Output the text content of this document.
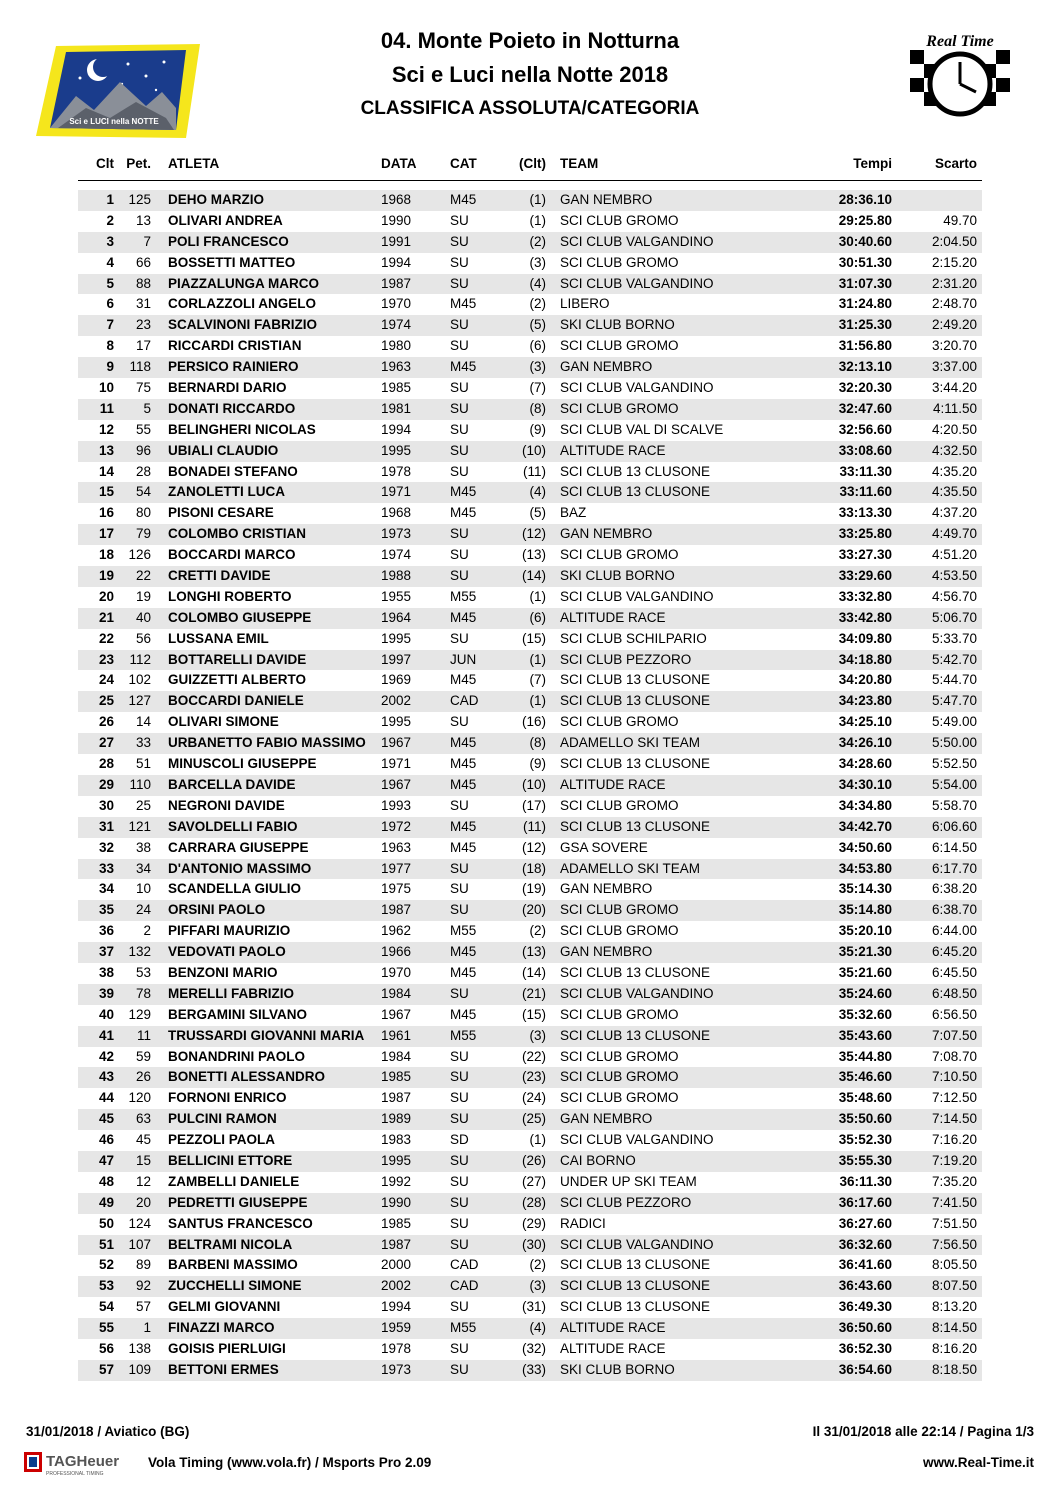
Sci e LUCI nella NOTTE
04. Monte Poieto in Notturna
Sci e Luci nella Notte 2018
CLASSIFICA ASSOLUTA/CATEGORIA
Real Time
Clt Pet. ATLETA	DATA CAT	(Clt) TEAM	Tempi	Scarto
1	125 DEHO MARZIO	1968	M45	(1) GAN NEMBRO	28:36.10
2	13 OLIVARI ANDREA	1990	SU	(1) SCI CLUB GROMO	29:25.80	49.70
3	7 POLI FRANCESCO	1991	SU	(2) SCI CLUB VALGANDINO	30:40.60	2:04.50
4	66 BOSSETTI MATTEO	1994	SU	(3) SCI CLUB GROMO	30:51.30	2:15.20
5	88 PIAZZALUNGA MARCO	1987	SU	(4) SCI CLUB VALGANDINO	31:07.30	2:31.20
6	31 CORLAZZOLI ANGELO	1970	M45	(2) LIBERO	31:24.80	2:48.70
7	23 SCALVINONI FABRIZIO	1974	SU	(5) SKI CLUB BORNO	31:25.30	2:49.20
8	17 RICCARDI CRISTIAN	1980	SU	(6) SCI CLUB GROMO	31:56.80	3:20.70
9	118 PERSICO RAINIERO	1963	M45	(3) GAN NEMBRO	32:13.10	3:37.00
10	75 BERNARDI DARIO	1985	SU	(7) SCI CLUB VALGANDINO	32:20.30	3:44.20
11	5 DONATI RICCARDO	1981	SU	(8) SCI CLUB GROMO	32:47.60	4:11.50
12	55 BELINGHERI NICOLAS	1994	SU	(9) SCI CLUB VAL DI SCALVE	32:56.60	4:20.50
13	96 UBIALI CLAUDIO	1995	SU	(10) ALTITUDE RACE	33:08.60	4:32.50
14	28 BONADEI STEFANO	1978	SU	(11) SCI CLUB 13 CLUSONE	33:11.30	4:35.20
15	54 ZANOLETTI LUCA	1971	M45	(4) SCI CLUB 13 CLUSONE	33:11.60	4:35.50
16	80 PISONI CESARE	1968	M45	(5) BAZ	33:13.30	4:37.20
17	79 COLOMBO CRISTIAN	1973	SU	(12) GAN NEMBRO	33:25.80	4:49.70
18	126 BOCCARDI MARCO	1974	SU	(13) SCI CLUB GROMO	33:27.30	4:51.20
19	22 CRETTI DAVIDE	1988	SU	(14) SKI CLUB BORNO	33:29.60	4:53.50
20	19 LONGHI ROBERTO	1955	M55	(1) SCI CLUB VALGANDINO	33:32.80	4:56.70
21	40 COLOMBO GIUSEPPE	1964	M45	(6) ALTITUDE RACE	33:42.80	5:06.70
22	56 LUSSANA EMIL	1995	SU	(15) SCI CLUB SCHILPARIO	34:09.80	5:33.70
23	112 BOTTARELLI DAVIDE	1997	JUN	(1) SCI CLUB PEZZORO	34:18.80	5:42.70
24	102 GUIZZETTI ALBERTO	1969	M45	(7) SCI CLUB 13 CLUSONE	34:20.80	5:44.70
25	127 BOCCARDI DANIELE	2002	CAD	(1) SCI CLUB 13 CLUSONE	34:23.80	5:47.70
26	14 OLIVARI SIMONE	1995	SU	(16) SCI CLUB GROMO	34:25.10	5:49.00
27	33 URBANETTO FABIO MASSIMO 1967	M45	(8) ADAMELLO SKI TEAM	34:26.10	5:50.00
28	51 MINUSCOLI GIUSEPPE	1971	M45	(9) SCI CLUB 13 CLUSONE	34:28.60	5:52.50
29	110 BARCELLA DAVIDE	1967	M45	(10) ALTITUDE RACE	34:30.10	5:54.00
30	25 NEGRONI DAVIDE	1993	SU	(17) SCI CLUB GROMO	34:34.80	5:58.70
31	121 SAVOLDELLI FABIO	1972	M45	(11) SCI CLUB 13 CLUSONE	34:42.70	6:06.60
32	38 CARRARA GIUSEPPE	1963	M45	(12) GSA SOVERE	34:50.60	6:14.50
33	34 D'ANTONIO MASSIMO	1977	SU	(18) ADAMELLO SKI TEAM	34:53.80	6:17.70
34	10 SCANDELLA GIULIO	1975	SU	(19) GAN NEMBRO	35:14.30	6:38.20
35	24 ORSINI PAOLO	1987	SU	(20) SCI CLUB GROMO	35:14.80	6:38.70
36	2 PIFFARI MAURIZIO	1962	M55	(2) SCI CLUB GROMO	35:20.10	6:44.00
37	132 VEDOVATI PAOLO	1966	M45	(13) GAN NEMBRO	35:21.30	6:45.20
38	53 BENZONI MARIO	1970	M45	(14) SCI CLUB 13 CLUSONE	35:21.60	6:45.50
39	78 MERELLI FABRIZIO	1984	SU	(21) SCI CLUB VALGANDINO	35:24.60	6:48.50
40	129 BERGAMINI SILVANO	1967	M45	(15) SCI CLUB GROMO	35:32.60	6:56.50
41	11 TRUSSARDI GIOVANNI MARIA 1961	M55	(3) SCI CLUB 13 CLUSONE	35:43.60	7:07.50
42	59 BONANDRINI PAOLO	1984	SU	(22) SCI CLUB GROMO	35:44.80	7:08.70
43	26 BONETTI ALESSANDRO	1985	SU	(23) SCI CLUB GROMO	35:46.60	7:10.50
44	120 FORNONI ENRICO	1987	SU	(24) SCI CLUB GROMO	35:48.60	7:12.50
45	63 PULCINI RAMON	1989	SU	(25) GAN NEMBRO	35:50.60	7:14.50
46	45 PEZZOLI PAOLA	1983	SD	(1) SCI CLUB VALGANDINO	35:52.30	7:16.20
47	15 BELLICINI ETTORE	1995	SU	(26) CAI BORNO	35:55.30	7:19.20
48	12 ZAMBELLI DANIELE	1992	SU	(27) UNDER UP SKI TEAM	36:11.30	7:35.20
49	20 PEDRETTI GIUSEPPE	1990	SU	(28) SCI CLUB PEZZORO	36:17.60	7:41.50
50	124 SANTUS FRANCESCO	1985	SU	(29) RADICI	36:27.60	7:51.50
51	107 BELTRAMI NICOLA	1987	SU	(30) SCI CLUB VALGANDINO	36:32.60	7:56.50
52	89 BARBENI MASSIMO	2000	CAD	(2) SCI CLUB 13 CLUSONE	36:41.60	8:05.50
53	92 ZUCCHELLI SIMONE	2002	CAD	(3) SCI CLUB 13 CLUSONE	36:43.60	8:07.50
54	57 GELMI GIOVANNI	1994	SU	(31) SCI CLUB 13 CLUSONE	36:49.30	8:13.20
55	1 FINAZZI MARCO	1959	M55	(4) ALTITUDE RACE	36:50.60	8:14.50
56	138 GOISIS PIERLUIGI	1978	SU	(32) ALTITUDE RACE	36:52.30	8:16.20
57	109 BETTONI ERMES	1973	SU	(33) SKI CLUB BORNO	36:54.60	8:18.50
31/01/2018 / Aviatico (BG)	Il 31/01/2018 alle 22:14 / Pagina 1/3
TAGHeuer
PROFESSIONAL TIMING
Vola Timing (www.vola.fr) / Msports Pro 2.09	www.Real-Time.it
